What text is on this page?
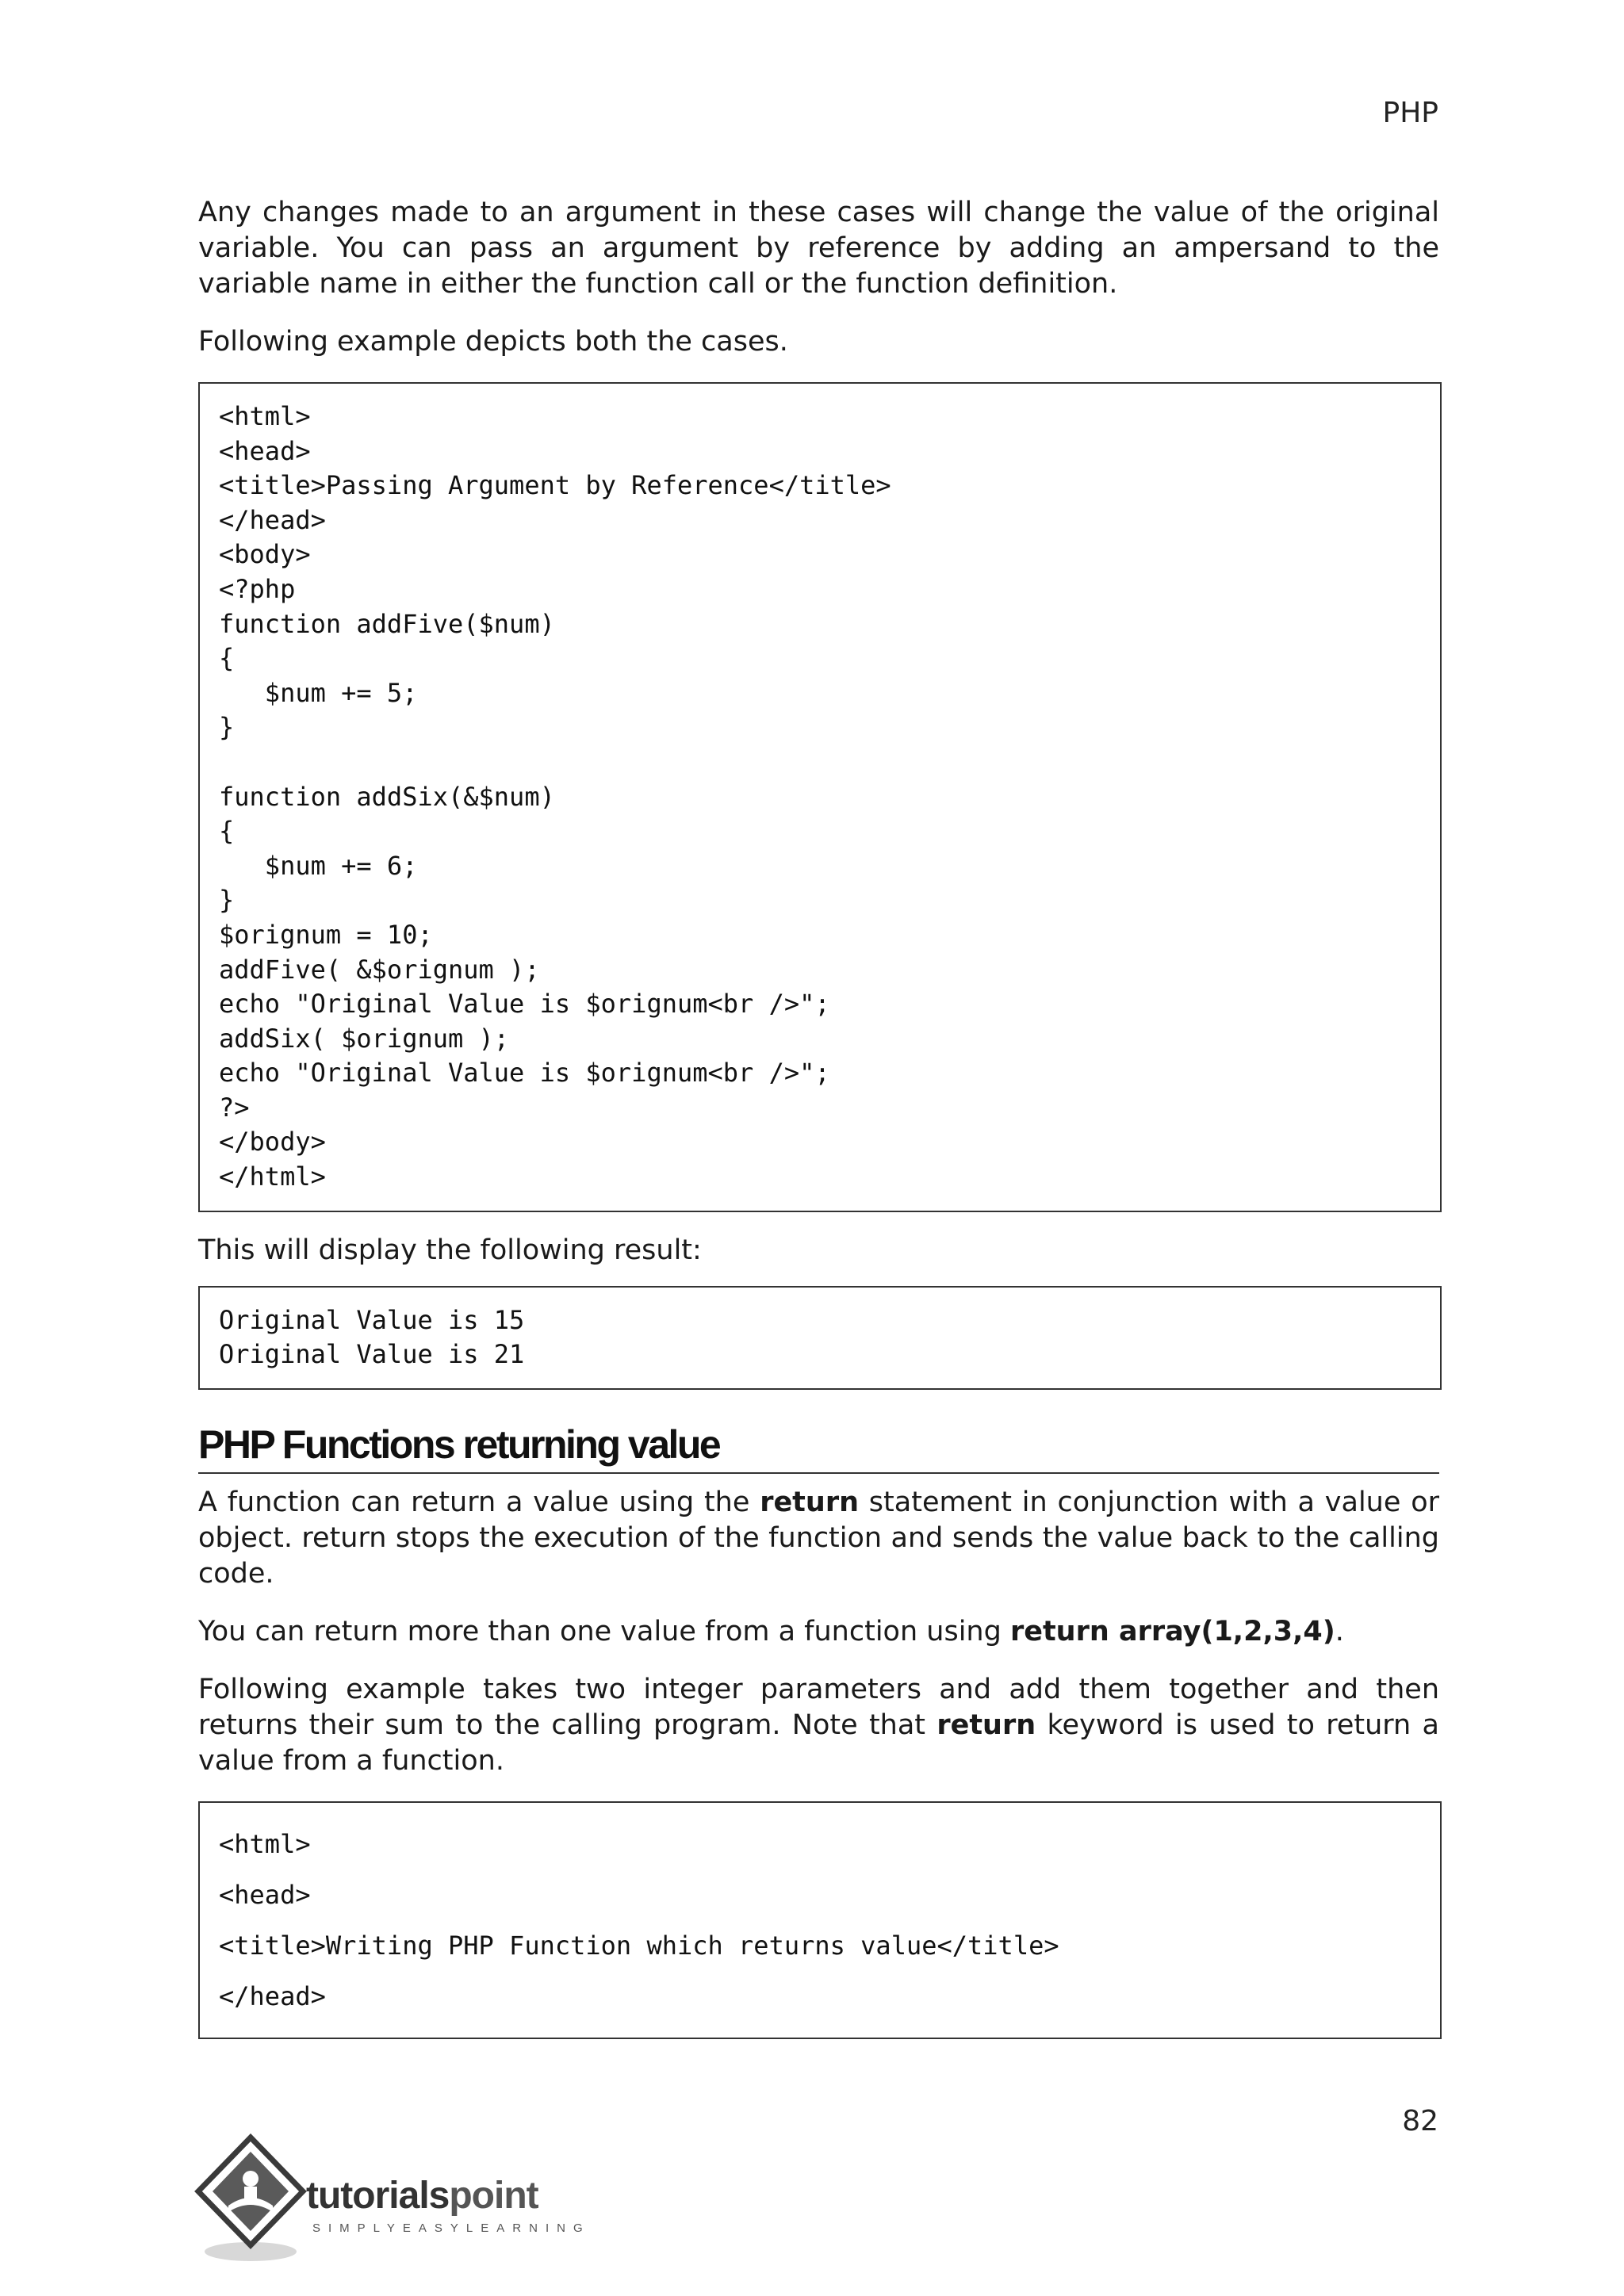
PHP

Any changes made to an argument in these cases will change the value of the original variable. You can pass an argument by reference by adding an ampersand to the variable name in either the function call or the function definition.

Following example depicts both the cases.

<html>
<head>
<title>Passing Argument by Reference</title>
</head>
<body>
<?php
function addFive($num)
{
$num += 5;
}
function addSix(&$num)
{
$num += 6;
}
$orignum = 10;
addFive( &$orignum );
echo "Original Value is $orignum<br />";
addSix( $orignum );
echo "Original Value is $orignum<br />";
?>
</body>
</html>

This will display the following result:

Original Value is 15
Original Value is 21
PHP Functions returning value

A function can return a value using the return statement in conjunction with a value or object. return stops the execution of the function and sends the value back to the calling code.

You can return more than one value from a function using return array(1,2,3,4).

Following example takes two integer parameters and add them together and then returns their sum to the calling program. Note that return keyword is used to return a value from a function.

<html>
<head>
<title>Writing PHP Function which returns value</title>
</head>
82
tutorialspoint
SIMPLYEASYLEARNING
